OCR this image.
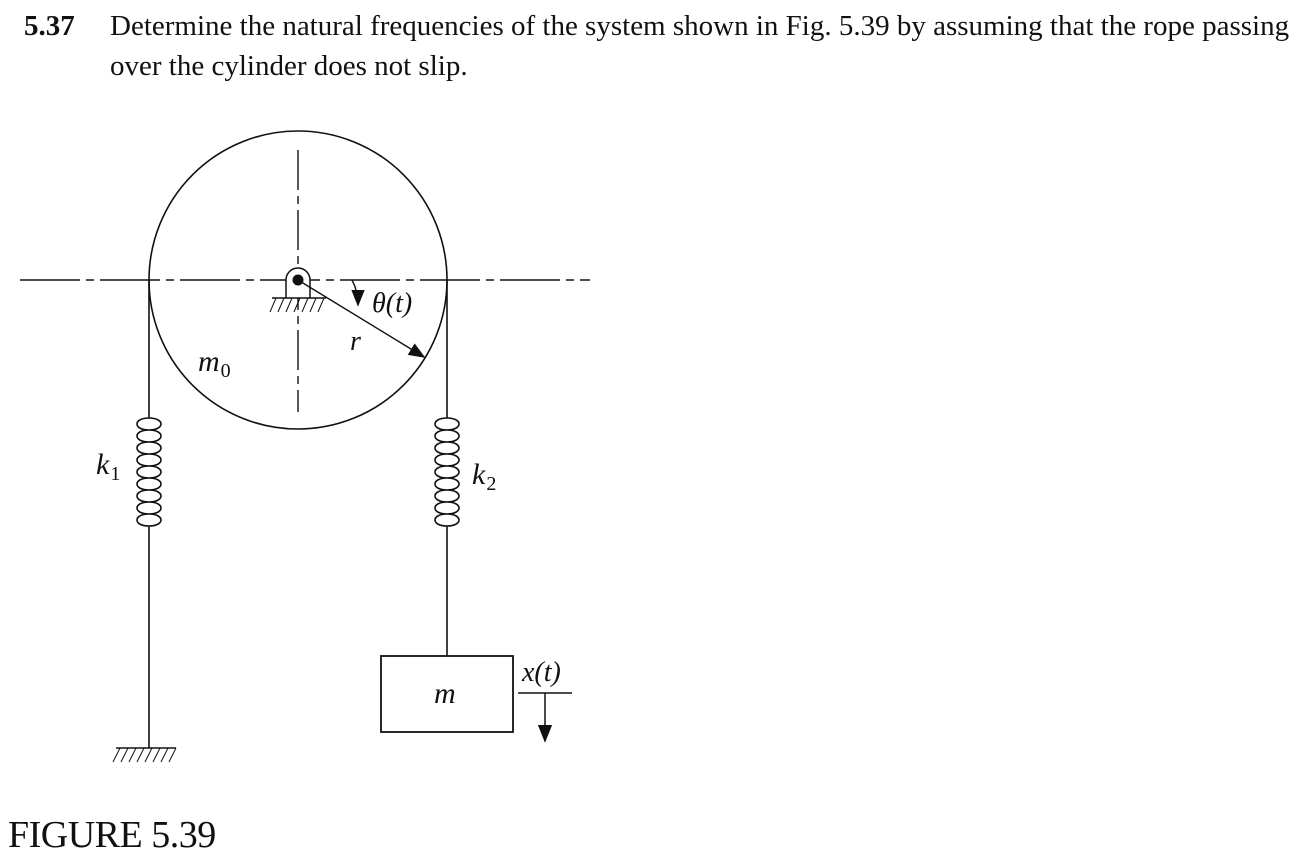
5.37 Determine the natural frequencies of the system shown in Fig. 5.39 by assuming that the rope passing over the cylinder does not slip.
θ(t)
r
$m_0$
$k_1$	$k_2$
m
x(t)
FIGURE 5.39
